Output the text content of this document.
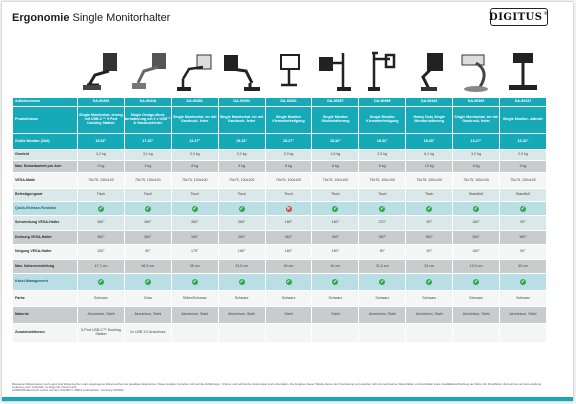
Ergonomie Single Monitorhalter	DIGITUS®

Artikelnummer	DA-90405	DA-90418	DA-90351	DA-90394	DA-90361	DA-90397	DA-90399	DA-90426	DA-90365	DA-90437
Produktname	Single Monitorhal- terung mit USB-C™ 5 Port Docking Station	Single Design-Moni- torhalterung mit 2 x USB™ & Gasdruckfeder	Single Monitorhal- ter mit Gasdruck- feder	Single Monitorhal- ter mit Gasdruck- feder	Single Monitor Klemmbefestigung	Single Monitor Säulenhalterung	Single Monitor Klemmbefestigung	Heavy Duty Single Monitorhalterung	Single Monitorhal- ter mit Gasdruck- feder	Single Monitor- ständer
Größe Monitor (Zoll)	15-32"	17-32"	13-27"	15-32"	15-27"	15-32"	15-32"	15-35"	13-27"	15-32"
Gewicht	3,2 kg	3,1 kg	3,3 kg	3,2 kg	3,3 kg	1,6 kg	2,5 kg	6,1 kg	3,2 kg	2,9 kg
Max. Belastbarkeit pro Arm	9 kg	9 kg	8 kg	9 kg	8 kg	8 kg	8 kg	15 kg	8 kg	8 kg
VESA-Maße	75x75, 100x100	75x75, 100x100	75x75, 100x100	75x75, 100x100	75x75, 100x100	75x75, 100x100	75x75, 100x100	75x75, 100x100	75x75, 100x100	75x75, 100x100
Befestigungsart	Tisch	Tisch	Tisch	Tisch	Tisch	Tisch	Tisch	Tisch	Standfuß	Standfuß
Quick-Release-Funktion	✓	✓	✓	✓	✕	✓	✓	✓	✓	✓
Schwenkung VESA-Halter	360°	360°	360°	360°	180°	180°	270°	90°	180°	90°
Drehung VESA-Halter	360°	360°	180°	360°	360°	360°	360°	360°	360°	360°
Neigung VESA-Halter	100°	90°	175°	180°	180°	180°	90°	90°	180°	90°
Max. Nahenverstellung	47,7 cm	46,5 cm	35 cm	33,5 cm	69 cm	40 cm	31,5 cm	33 cm	19,5 cm	40 cm
Kabel-Management	✓	✓	✓	✓	✓	✓	✓	✓	✓	✓
Farbe	Schwarz	Grau	Silber/Schwarz	Schwarz	Schwarz	Schwarz	Schwarz	Schwarz	Schwarz	Schwarz
Material	Aluminium, Stahl	Aluminium, Stahl	Aluminium, Stahl	Aluminium, Stahl	Stahl	Stahl	Aluminium, Stahl	Aluminium, Stahl	Aluminium, Stahl	Aluminium, Stahl
Zusatzfunktionen	5-Port USB-C™ Docking Station	2x USB 3.0 Anschluss								
Relevante Markennamen und Logos sind Warenzeichen oder eingetragene Warenzeichen der jeweiligen Eigentümer. Diese Angaben beziehen sich auf die Abbildungen, Irrtümer und technische Änderungen sind vorbehalten. Die Angaben dieser Tabelle dienen der Orientierung und ersetzen nicht die technischen Datenblätter und beinhalten keine Qualitätsbeschreibung der Ware. Für Druckfehler übernehmen wir keine Haftung. Lieferung unter Vorbehalt, so lange der Vorrat reicht.
ASSMANN Electronic GmbH, Auf dem Schüffel 3, 58513 Lüdenscheid · Germany 06/2022
